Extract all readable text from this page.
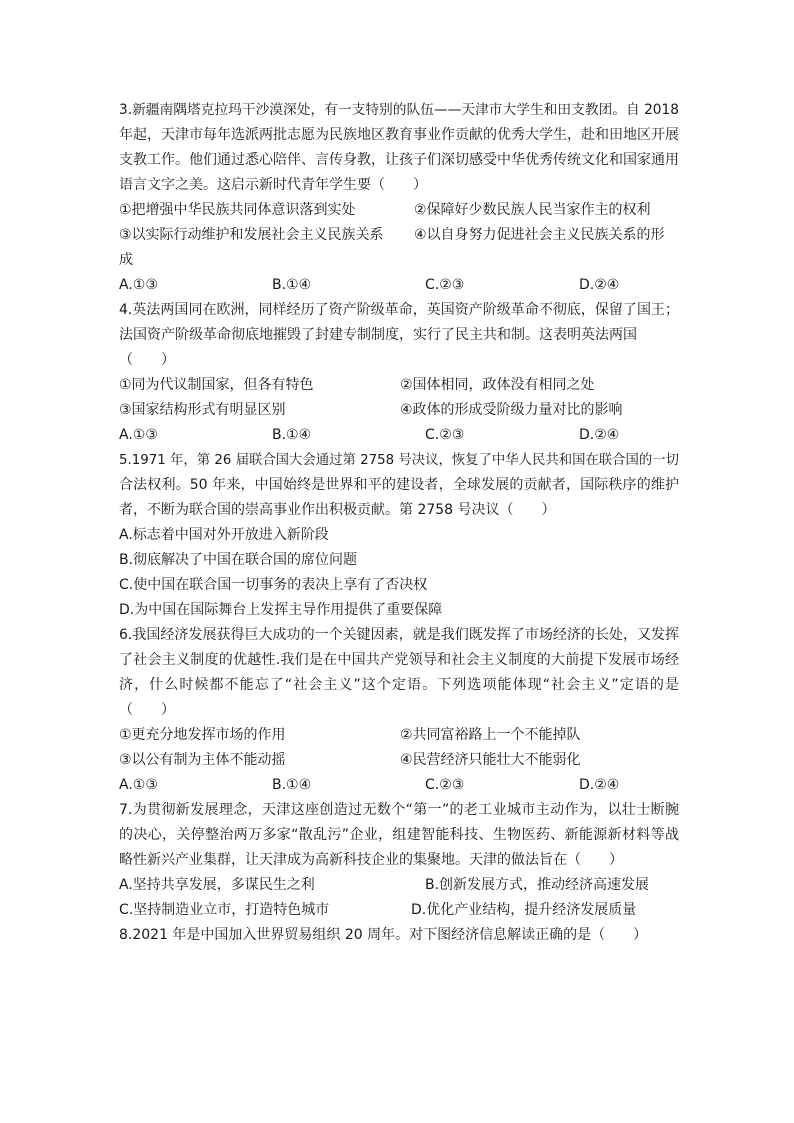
3.新疆南隅塔克拉玛干沙漠深处，有一支特别的队伍——天津市大学生和田支教团。自 2018
年起，天津市每年选派两批志愿为民族地区教育事业作贡献的优秀大学生，赴和田地区开展
支教工作。他们通过悉心陪伴、言传身教，让孩子们深切感受中华优秀传统文化和国家通用
语言文字之美。这启示新时代青年学生要（　　）
①把增强中华民族共同体意识落到实处	②保障好少数民族人民当家作主的权利
③以实际行动维护和发展社会主义民族关系 ④以自身努力促进社会主义民族关系的形
成
A.①③	B.①④	C.②③	D.②④
4.英法两国同在欧洲，同样经历了资产阶级革命，英国资产阶级革命不彻底，保留了国王；
法国资产阶级革命彻底地摧毁了封建专制制度，实行了民主共和制。这表明英法两国
（　　）
①同为代议制国家，但各有特色	②国体相同，政体没有相同之处
③国家结构形式有明显区别	④政体的形成受阶级力量对比的影响
A.①③	B.①④	C.②③	D.②④
5.1971 年，第 26 届联合国大会通过第 2758 号决议，恢复了中华人民共和国在联合国的一切
合法权利。50 年来，中国始终是世界和平的建设者，全球发展的贡献者，国际秩序的维护
者，不断为联合国的崇高事业作出积极贡献。第 2758 号决议（　　）
A.标志着中国对外开放进入新阶段
B.彻底解决了中国在联合国的席位问题
C.使中国在联合国一切事务的表决上享有了否决权
D.为中国在国际舞台上发挥主导作用提供了重要保障
6.我国经济发展获得巨大成功的一个关键因素，就是我们既发挥了市场经济的长处，又发挥
了社会主义制度的优越性.我们是在中国共产党领导和社会主义制度的大前提下发展市场经
济，什么时候都不能忘了“社会主义”这个定语。下列选项能体现“社会主义”定语的是
（　　）
①更充分地发挥市场的作用	②共同富裕路上一个不能掉队
③以公有制为主体不能动摇	④民营经济只能壮大不能弱化
A.①③	B.①④	C.②③	D.②④
7.为贯彻新发展理念，天津这座创造过无数个“第一”的老工业城市主动作为，以壮士断腕
的决心，关停整治两万多家“散乱污”企业，组建智能科技、生物医药、新能源新材料等战
略性新兴产业集群，让天津成为高新科技企业的集聚地。天津的做法旨在（　　）
A.坚持共享发展，多谋民生之利	B.创新发展方式，推动经济高速发展
C.坚持制造业立市，打造特色城市	D.优化产业结构，提升经济发展质量
8.2021 年是中国加入世界贸易组织 20 周年。对下图经济信息解读正确的是（　　）
